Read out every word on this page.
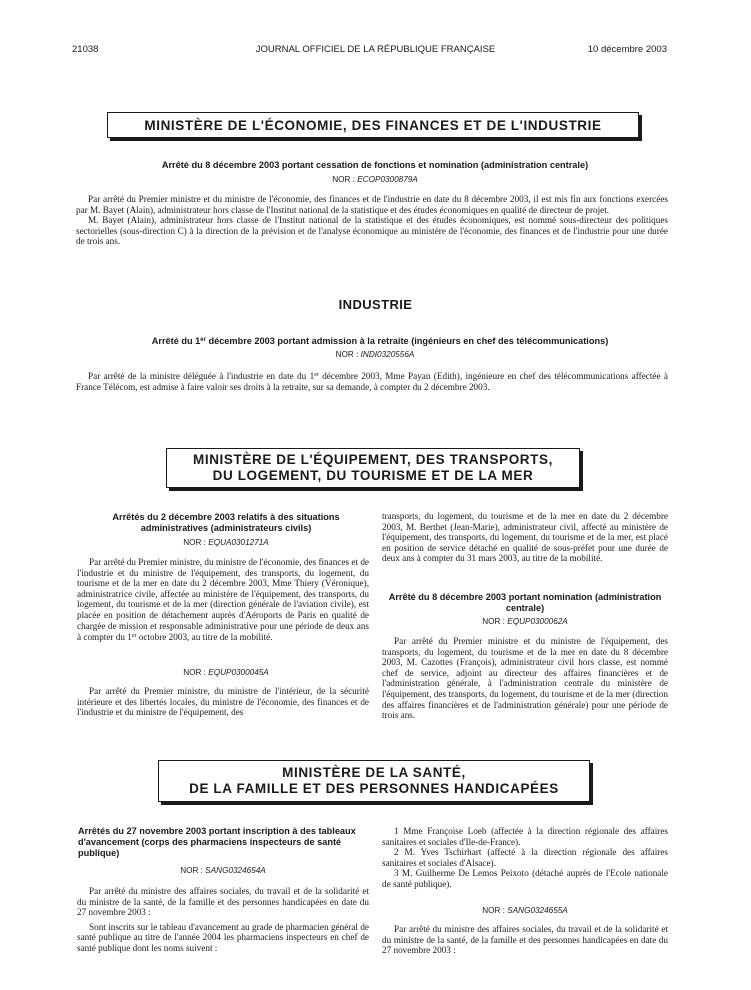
21038	JOURNAL OFFICIEL DE LA RÉPUBLIQUE FRANÇAISE	10 décembre 2003
MINISTÈRE DE L'ÉCONOMIE, DES FINANCES ET DE L'INDUSTRIE
Arrêté du 8 décembre 2003 portant cessation de fonctions et nomination (administration centrale)
NOR : ECOP0300879A

Par arrêté du Premier ministre et du ministre de l'économie, des finances et de l'industrie en date du 8 décembre 2003, il est mis fin aux fonctions exercées par M. Bayet (Alain), administrateur hors classe de l'Institut national de la statistique et des études économiques en qualité de directeur de projet.

M. Bayet (Alain), administrateur hors classe de l'Institut national de la statistique et des études économiques, est nommé sous-directeur des politiques sectorielles (sous-direction C) à la direction de la prévision et de l'analyse économique au ministère de l'économie, des finances et de l'industrie pour une durée de trois ans.

INDUSTRIE
Arrêté du 1er décembre 2003 portant admission à la retraite (ingénieurs en chef des télécommunications)
NOR : INDI0320556A

Par arrêté de la ministre déléguée à l'industrie en date du 1er décembre 2003, Mme Payan (Edith), ingénieure en chef des télécommunications affectée à France Télécom, est admise à faire valoir ses droits à la retraite, sur sa demande, à compter du 2 décembre 2003.

MINISTÈRE DE L'ÉQUIPEMENT, DES TRANSPORTS,
DU LOGEMENT, DU TOURISME ET DE LA MER
Arrêtés du 2 décembre 2003 relatifs à des situations administratives (administrateurs civils)
NOR : EQUA0301271A

Par arrêté du Premier ministre, du ministre de l'économie, des finances et de l'industrie et du ministre de l'équipement, des transports, du logement, du tourisme et de la mer en date du 2 décembre 2003, Mme Thiery (Véronique), administratrice civile, affectée au ministère de l'équipement, des transports, du logement, du tourisme et de la mer (direction générale de l'aviation civile), est placée en position de détachement auprès d'Aéroports de Paris en qualité de chargée de mission et responsable administrative pour une période de deux ans à compter du 1er octobre 2003, au titre de la mobilité.

NOR : EQUP0300045A

Par arrêté du Premier ministre, du ministre de l'intérieur, de la sécurité intérieure et des libertés locales, du ministre de l'économie, des finances et de l'industrie et du ministre de l'équipement, des

transports, du logement, du tourisme et de la mer en date du 2 décembre 2003, M. Berthet (Jean-Marie), administrateur civil, affecté au ministère de l'équipement, des transports, du logement, du tourisme et de la mer, est placé en position de service détaché en qualité de sous-préfet pour une durée de deux ans à compter du 31 mars 2003, au titre de la mobilité.

Arrêté du 8 décembre 2003 portant nomination (administration centrale)
NOR : EQUP0300062A

Par arrêté du Premier ministre et du ministre de l'équipement, des transports, du logement, du tourisme et de la mer en date du 8 décembre 2003, M. Cazottes (François), administrateur civil hors classe, est nommé chef de service, adjoint au directeur des affaires financières et de l'administration générale, à l'administration centrale du ministère de l'équipement, des transports, du logement, du tourisme et de la mer (direction des affaires financières et de l'administration générale) pour une période de trois ans.

MINISTÈRE DE LA SANTÉ,
DE LA FAMILLE ET DES PERSONNES HANDICAPÉES
Arrêtés du 27 novembre 2003 portant inscription à des tableaux d'avancement (corps des pharmaciens inspecteurs de santé publique)
NOR : SANG0324654A

Par arrêté du ministre des affaires sociales, du travail et de la solidarité et du ministre de la santé, de la famille et des personnes handicapées en date du 27 novembre 2003 :

Sont inscrits sur le tableau d'avancement au grade de pharmacien général de santé publique au titre de l'année 2004 les pharmaciens inspecteurs en chef de santé publique dont les noms suivent :

1 Mme Françoise Loeb (affectée à la direction régionale des affaires sanitaires et sociales d'Ile-de-France).

2 M. Yves Tschirhart (affecté à la direction régionale des affaires sanitaires et sociales d'Alsace).

3 M. Guilherme De Lemos Peixoto (détaché auprès de l'Ecole nationale de santé publique).

NOR : SANG0324655A

Par arrêté du ministre des affaires sociales, du travail et de la solidarité et du ministre de la santé, de la famille et des personnes handicapées en date du 27 novembre 2003 :
